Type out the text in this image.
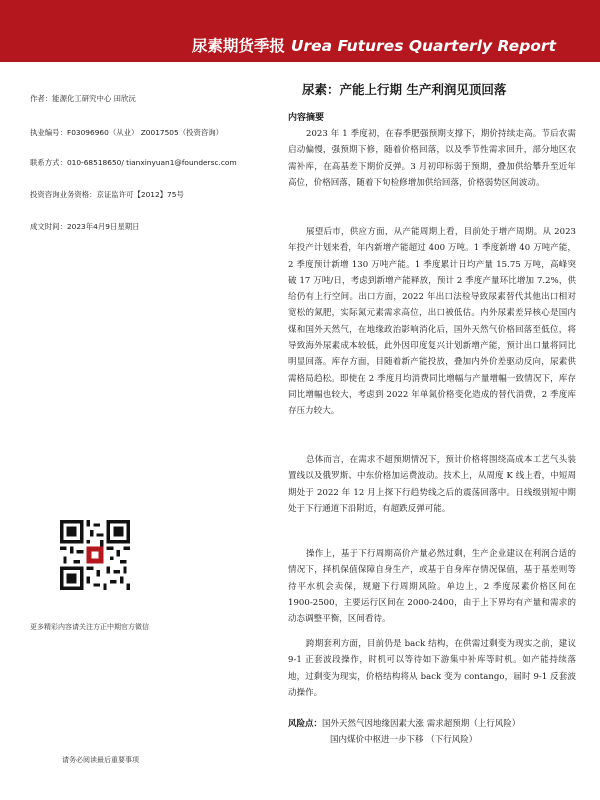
尿素期货季报 Urea Futures Quarterly Report
作者：能源化工研究中心 田欣沅
执业编号：F03096960（从业） Z0017505（投资咨询）
联系方式：010-68518650/ tianxinyuan1@foundersc.com
投资咨询业务资格：京证监许可【2012】75号
成文时间：2023年4月9日星期日
更多精彩内容请关注方正中期官方微信
请务必阅读最后重要事项
尿素：产能上行期 生产利润见顶回落
内容摘要
2023 年 1 季度初，在春季肥强预期支撑下，期价持续走高。节后农需启动偏慢，强预期下修，随着价格回落，以及季节性需求回升，部分地区农需补库，在高基差下期价反弹。3 月初印标弱于预期，叠加供给攀升至近年高位，价格回落，随着下旬检修增加供给回落，价格弱势区间波动。
展望后市，供应方面，从产能周期上看，目前处于增产周期。从 2023 年投产计划来看，年内新增产能超过 400 万吨。1 季度新增 40 万吨产能，2 季度预计新增 130 万吨产能。1 季度累计日均产量 15.75 万吨，高峰突破 17 万吨/日，考虑到新增产能释放，预计 2 季度产量环比增加 7.2%，供给仍有上行空间。出口方面，2022 年出口法检导致尿素替代其他出口相对宽松的氮肥，实际氮元素需求高位，出口被低估。内外尿素差异核心是国内煤和国外天然气，在地缘政治影响消化后，国外天然气价格回落至低位，将导致海外尿素成本较低，此外因印度复兴计划新增产能，预计出口量将同比明显回落。库存方面，目随着新产能投放，叠加内外价差驱动反向，尿素供需格局趋松。即使在 2 季度月均消费同比增幅与产量增幅一致情况下，库存同比增幅也较大，考虑到 2022 年单氮价格变化造成的替代消费，2 季度库存压力较大。
总体而言，在需求不超预期情况下，预计价格将围绕高成本工艺气头装置线以及俄罗斯、中东价格加运费波动。技术上，从周度 K 线上看，中短周期处于 2022 年 12 月上探下行趋势线之后的震荡回落中。日线级别短中期处于下行通道下沿附近，有超跌反弹可能。
操作上，基于下行周期高价产量必然过剩，生产企业建议在利润合适的情况下，择机保值保障自身生产，或基于自身库存情况保值，基于基差则等待平水机会卖保，规避下行周期风险。单边上，2 季度尿素价格区间在 1900-2500，主要运行区间在 2000-2400，由于上下界均有产量和需求的动态调整平衡，区间看待。
跨期套利方面，目前仍是 back 结构，在供需过剩变为现实之前，建议 9-1 正套波段操作，时机可以等待如下游集中补库等时机。如产能持续落地，过剩变为现实，价格结构将从 back 变为 contango，届时 9-1 反套波动操作。
风险点：国外天然气因地缘因素大涨 需求超预期（上行风险）
国内煤价中枢进一步下移 （下行风险）
